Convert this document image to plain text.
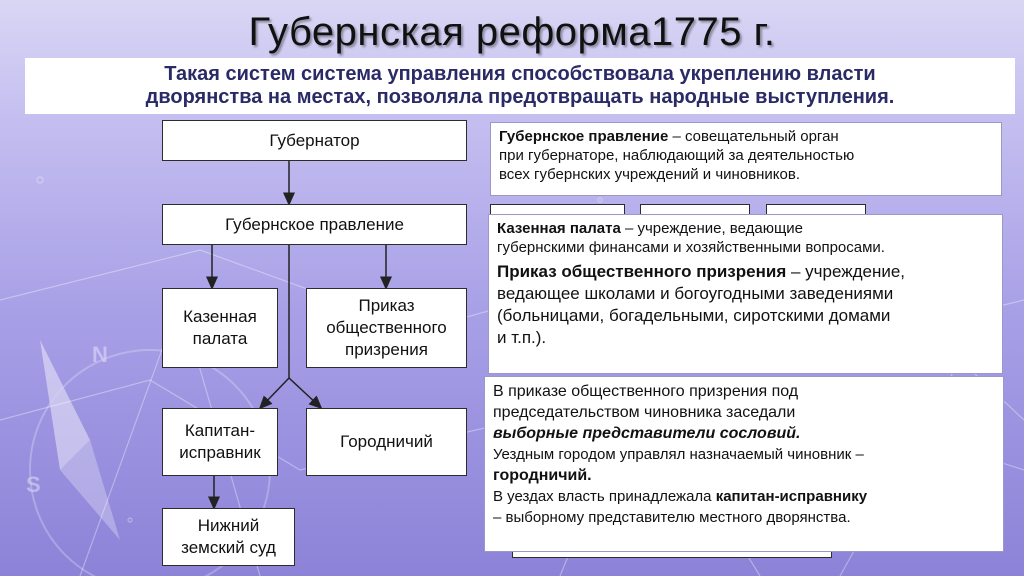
S
N
Губернская реформа1775 г.
Такая систем система управления способствовала укреплению власти
дворянства на местах, позволяла предотвращать народные выступления.
Губернатор
Губернское правление
Казенная
палата
Приказ
общественного
призрения
Капитан-
исправник
Городничий
Нижний
земский суд
Губернское правление – совещательный орган
при губернаторе, наблюдающий за деятельностью
всех губернских учреждений и чиновников.
Казенная палата – учреждение, ведающие
губернскими финансами и хозяйственными вопросами.
Приказ общественного призрения – учреждение,
ведающее школами и богоугодными заведениями
(больницами, богадельными, сиротскими домами
и т.п.).
В приказе общественного призрения под
председательством чиновника заседали
выборные представители сословий.
Уездным городом управлял назначаемый чиновник –
городничий.
В уездах власть принадлежала капитан-исправнику
– выборному представителю местного дворянства.
